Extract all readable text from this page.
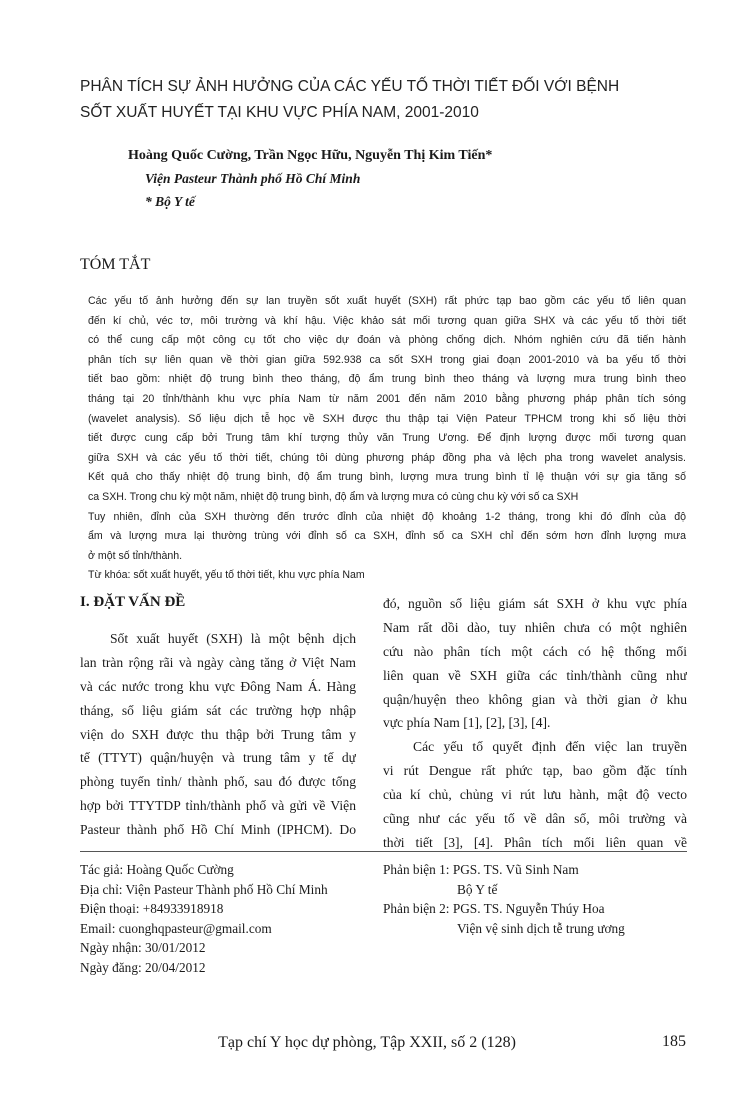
PHÂN TÍCH SỰ ẢNH HƯỞNG CỦA CÁC YẾU TỐ THỜI TIẾT ĐỐI VỚI BỆNH
SỐT XUẤT HUYẾT TẠI KHU VỰC PHÍA NAM, 2001-2010
Hoàng Quốc Cường, Trần Ngọc Hữu, Nguyễn Thị Kim Tiến*
Viện Pasteur Thành phố Hồ Chí Minh
* Bộ Y tế
TÓM TẮT
Các yếu tố ảnh hưởng đến sự lan truyền sốt xuất huyết (SXH) rất phức tạp bao gồm các yếu tố liên quan
đến kí chủ, véc tơ, môi trường và khí hậu. Việc khảo sát mối tương quan giữa SHX và các yếu tố thời tiết
có thể cung cấp một công cụ tốt cho việc dự đoán và phòng chống dịch. Nhóm nghiên cứu đã tiến hành
phân tích sự liên quan về thời gian giữa 592.938 ca sốt SXH trong giai đoạn 2001-2010 và ba yếu tố thời
tiết bao gồm: nhiệt độ trung bình theo tháng, độ ẩm trung bình theo tháng và lượng mưa trung bình theo
tháng tại 20 tỉnh/thành khu vực phía Nam từ năm 2001 đến năm 2010 bằng phương pháp phân tích sóng
(wavelet analysis). Số liệu dịch tễ học về SXH được thu thập tại Viện Pateur TPHCM trong khi số liệu thời
tiết được cung cấp bởi Trung tâm khí tượng thủy văn Trung Ương. Để định lượng được mối tương quan
giữa SXH và các yếu tố thời tiết, chúng tôi dùng phương pháp đồng pha và lệch pha trong wavelet analysis.
Kết quả cho thấy nhiệt độ trung bình, độ ẩm trung bình, lượng mưa trung bình tỉ lệ thuận với sự gia tăng số
ca SXH. Trong chu kỳ một năm, nhiệt độ trung bình, độ ẩm và lượng mưa có cùng chu kỳ với số ca SXH
Tuy nhiên, đỉnh của SXH thường đến trước đỉnh của nhiệt độ khoảng 1-2 tháng, trong khi đó đỉnh của độ
ẩm và lượng mưa lại thường trùng với đỉnh số ca SXH, đỉnh số ca SXH chỉ đến sớm hơn đỉnh lượng mưa
ở một số tỉnh/thành.
Từ khóa: sốt xuất huyết, yếu tố thời tiết, khu vực phía Nam
I. ĐẶT VẤN ĐỀ
Sốt xuất huyết (SXH) là một bệnh dịch
lan tràn rộng rãi và ngày càng tăng ở Việt Nam
và các nước trong khu vực Đông Nam Á. Hàng
tháng, số liệu giám sát các trường hợp nhập
viện do SXH được thu thập bởi Trung tâm y
tế (TTYT) quận/huyện và trung tâm y tế dự
phòng tuyến tỉnh/ thành phố, sau đó được tổng
hợp bởi TTYTDP tỉnh/thành phố và gửi về Viện
Pasteur thành phố Hồ Chí Minh (IPHCM). Do
đó, nguồn số liệu giám sát SXH ở khu vực phía
Nam rất dồi dào, tuy nhiên chưa có một nghiên
cứu nào phân tích một cách có hệ thống mối
liên quan về SXH giữa các tỉnh/thành cũng như
quận/huyện theo không gian và thời gian ở khu
vực phía Nam [1], [2], [3], [4].
Các yếu tố quyết định đến việc lan truyền
vi rút Dengue rất phức tạp, bao gồm đặc tính
của kí chủ, chủng vi rút lưu hành, mật độ vecto
cũng như các yếu tố về dân số, môi trường và
thời tiết [3], [4]. Phân tích mối liên quan về
Tác giả: Hoàng Quốc Cường
Địa chỉ: Viện Pasteur Thành phố Hồ Chí Minh
Điện thoại: +84933918918
Email: cuonghqpasteur@gmail.com
Ngày nhận: 30/01/2012
Ngày đăng: 20/04/2012
Phản biện 1: PGS. TS. Vũ Sinh Nam
Bộ Y tế
Phản biện 2: PGS. TS. Nguyễn Thúy Hoa
Viện vệ sinh dịch tễ trung ương
Tạp chí Y học dự phòng, Tập XXII, số 2 (128)	185
